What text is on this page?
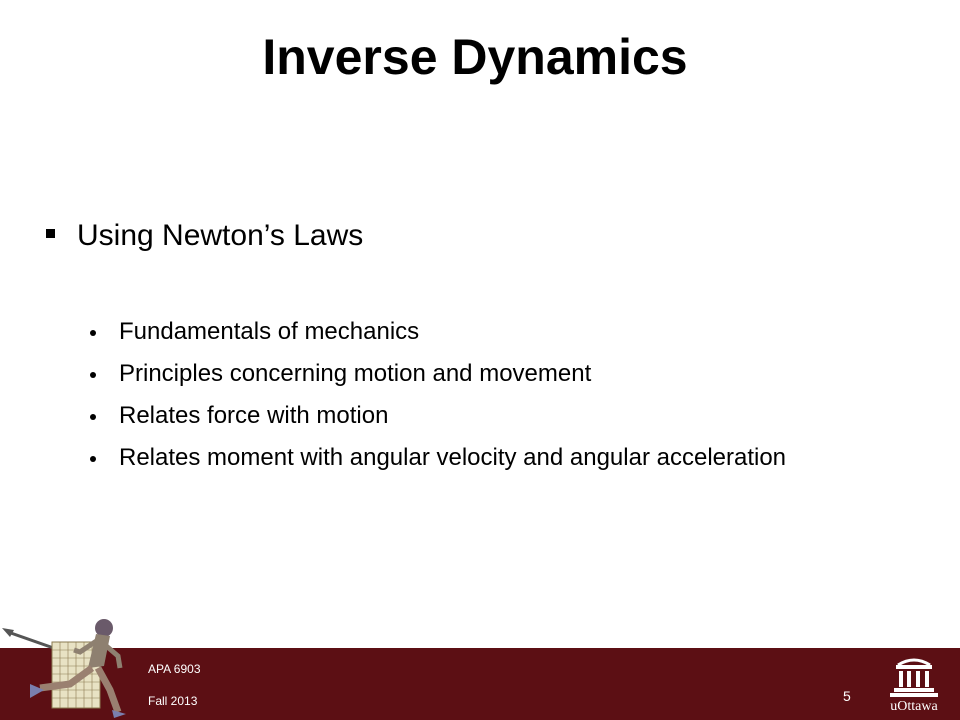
Inverse Dynamics
Using Newton’s Laws
Fundamentals of mechanics
Principles concerning motion and movement
Relates force with motion
Relates moment with angular velocity and angular acceleration
APA 6903
Fall 2013	5
uOttawa
